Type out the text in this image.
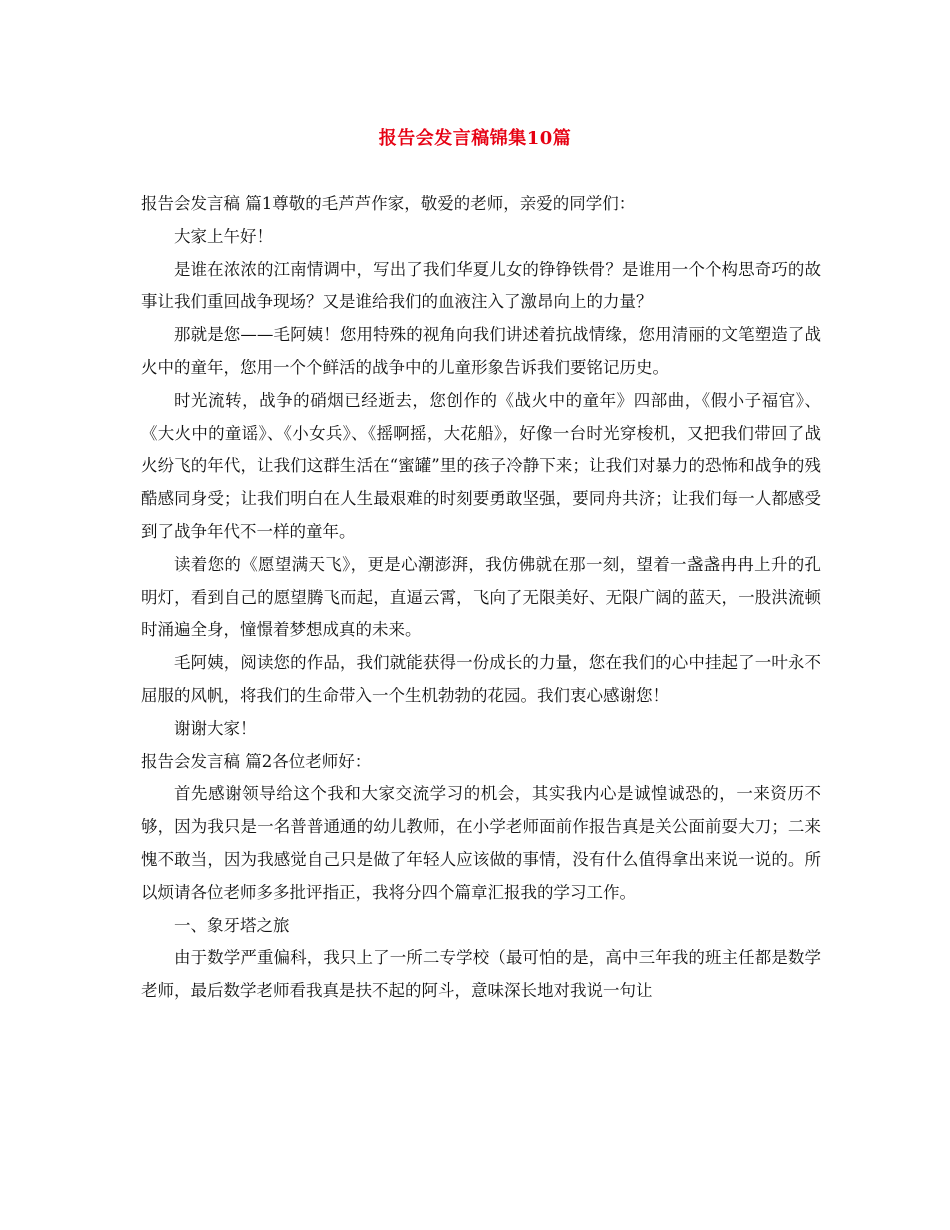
报告会发言稿锦集10篇

报告会发言稿 篇1尊敬的毛芦芦作家，敬爱的老师，亲爱的同学们：

大家上午好！

是谁在浓浓的江南情调中，写出了我们华夏儿女的铮铮铁骨？是谁用一个个构思奇巧的故事让我们重回战争现场？又是谁给我们的血液注入了激昂向上的力量？

那就是您——毛阿姨！您用特殊的视角向我们讲述着抗战情缘，您用清丽的文笔塑造了战火中的童年，您用一个个鲜活的战争中的儿童形象告诉我们要铭记历史。

时光流转，战争的硝烟已经逝去，您创作的《战火中的童年》四部曲，《假小子福官》、《大火中的童谣》、《小女兵》、《摇啊摇，大花船》，好像一台时光穿梭机，又把我们带回了战火纷飞的年代，让我们这群生活在“蜜罐”里的孩子冷静下来；让我们对暴力的恐怖和战争的残酷感同身受；让我们明白在人生最艰难的时刻要勇敢坚强，要同舟共济；让我们每一人都感受到了战争年代不一样的童年。

读着您的《愿望满天飞》，更是心潮澎湃，我仿佛就在那一刻，望着一盏盏冉冉上升的孔明灯，看到自己的愿望腾飞而起，直逼云霄，飞向了无限美好、无限广阔的蓝天，一股洪流顿时涌遍全身，憧憬着梦想成真的未来。

毛阿姨，阅读您的作品，我们就能获得一份成长的力量，您在我们的心中挂起了一叶永不屈服的风帆，将我们的生命带入一个生机勃勃的花园。我们衷心感谢您！

谢谢大家！

报告会发言稿 篇2各位老师好：

首先感谢领导给这个我和大家交流学习的机会，其实我内心是诚惶诚恐的，一来资历不够，因为我只是一名普普通通的幼儿教师，在小学老师面前作报告真是关公面前耍大刀；二来愧不敢当，因为我感觉自己只是做了年轻人应该做的事情，没有什么值得拿出来说一说的。所以烦请各位老师多多批评指正，我将分四个篇章汇报我的学习工作。

一、象牙塔之旅

由于数学严重偏科，我只上了一所二专学校（最可怕的是，高中三年我的班主任都是数学老师，最后数学老师看我真是扶不起的阿斗，意味深长地对我说一句让
